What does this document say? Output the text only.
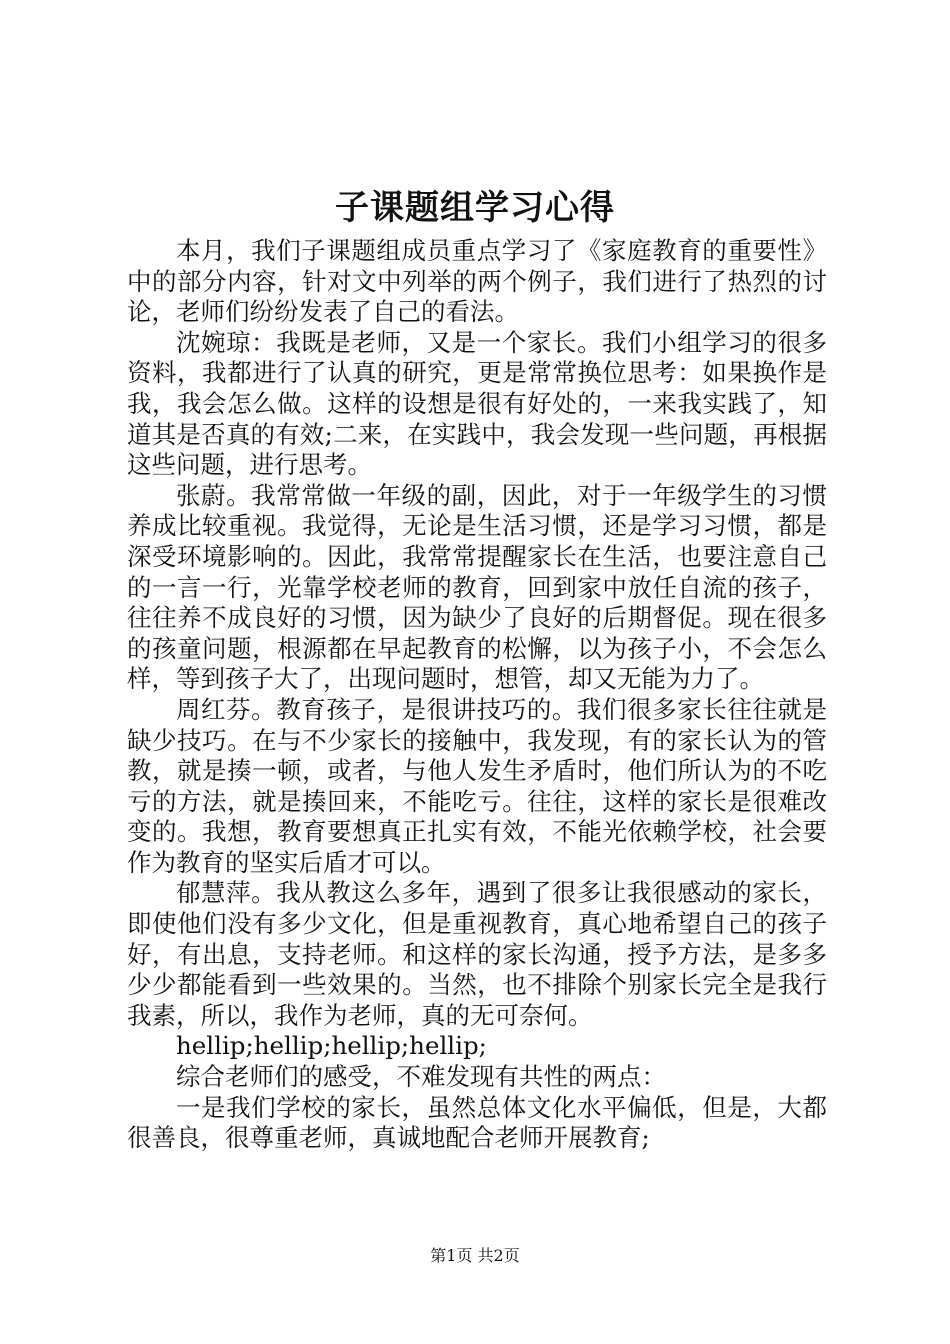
子课题组学习心得

本月，我们子课题组成员重点学习了《家庭教育的重要性》中的部分内容，针对文中列举的两个例子，我们进行了热烈的讨论，老师们纷纷发表了自己的看法。

沈婉琼：我既是老师，又是一个家长。我们小组学习的很多资料，我都进行了认真的研究，更是常常换位思考：如果换作是我，我会怎么做。这样的设想是很有好处的，一来我实践了，知道其是否真的有效;二来，在实践中，我会发现一些问题，再根据这些问题，进行思考。

张蔚。我常常做一年级的副，因此，对于一年级学生的习惯养成比较重视。我觉得，无论是生活习惯，还是学习习惯，都是深受环境影响的。因此，我常常提醒家长在生活，也要注意自己的一言一行，光靠学校老师的教育，回到家中放任自流的孩子，往往养不成良好的习惯，因为缺少了良好的后期督促。现在很多的孩童问题，根源都在早起教育的松懈，以为孩子小，不会怎么样，等到孩子大了，出现问题时，想管，却又无能为力了。

周红芬。教育孩子，是很讲技巧的。我们很多家长往往就是缺少技巧。在与不少家长的接触中，我发现，有的家长认为的管教，就是揍一顿，或者，与他人发生矛盾时，他们所认为的不吃亏的方法，就是揍回来，不能吃亏。往往，这样的家长是很难改变的。我想，教育要想真正扎实有效，不能光依赖学校，社会要作为教育的坚实后盾才可以。

郁慧萍。我从教这么多年，遇到了很多让我很感动的家长，即使他们没有多少文化，但是重视教育，真心地希望自己的孩子好，有出息，支持老师。和这样的家长沟通，授予方法，是多多少少都能看到一些效果的。当然，也不排除个别家长完全是我行我素，所以，我作为老师，真的无可奈何。

hellip;hellip;hellip;hellip;

综合老师们的感受，不难发现有共性的两点：

一是我们学校的家长，虽然总体文化水平偏低，但是，大都很善良，很尊重老师，真诚地配合老师开展教育;

第1页 共2页
